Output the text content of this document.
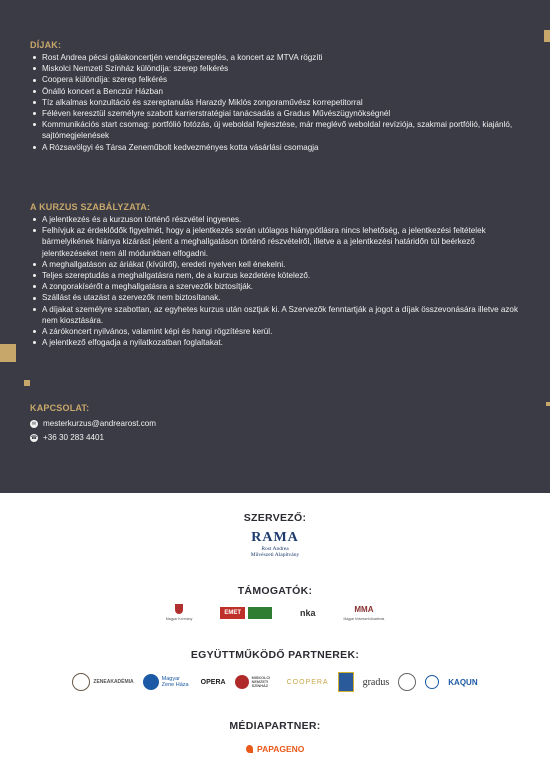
DÍJAK:
Rost Andrea pécsi gálakoncertjén vendégszereplés, a koncert az MTVA rögzíti
Miskolci Nemzeti Színház különdíja: szerep felkérés
Coopera különdíja: szerep felkérés
Önálló koncert a Benczúr Házban
Tíz alkalmas konzultáció és szereptanulás Harazdy Miklós zongoraművész korrepetitorral
Féléven keresztül személyre szabott karrierstratégiai tanácsadás a Gradus Művészügynökségnél
Kommunikációs start csomag: portfólió fotózás, új weboldal fejlesztése, már meglévő weboldal revíziója, szakmai portfólió, kiajánló, sajtómegjelenések
A Rózsavölgyi és Társa Zeneműbolt kedvezményes kotta vásárlási csomagja
A KURZUS SZABÁLYZATA:
A jelentkezés és a kurzuson történő részvétel ingyenes.
Felhívjuk az érdeklődők figyelmét, hogy a jelentkezés során utólagos hiánypótlásra nincs lehetőség, a jelentkezési feltételek bármelyikének hiánya kizárást jelent a meghallgatáson történő részvételről, illetve a a jelentkezési határidőn túl beérkező jelentkezéseket nem áll módunkban elfogadni.
A meghallgatáson az áriákat (kívülről), eredeti nyelven kell énekelni.
Teljes szereptudás a meghallgatásra nem, de a kurzus kezdetére kötelező.
A zongorakísérőt a meghallgatásra a szervezők biztosítják.
Szállást és utazást a szervezők nem biztosítanak.
A díjakat személyre szabottan, az egyhetes kurzus után osztjuk ki. A Szervezők fenntartják a jogot a díjak összevonására illetve azok nem kiosztására.
A zárókoncert nyilvános, valamint képi és hangi rögzítésre kerül.
A jelentkező elfogadja a nyilatkozatban foglaltakat.
KAPCSOLAT:
✉ mesterkurzus@andrearost.com
☎ +36 30 283 4401
SZERVEZŐ:
RAMA
Rost Andrea
Művészeti Alapítvány
TÁMOGATÓK:
Magyar Kormány
EMET	nka	MMA
Magyar Művészeti Akadémia
EGYÜTTMŰKÖDŐ PARTNEREK:
ZENEAKADÉMIA	Magyar Zene Háza	OPERA
MISKOLCI NEMZETI SZÍNHÁZ
COOPERA	gradus	KAQUN
MÉDIAPARTNER:
PAPAGENO
